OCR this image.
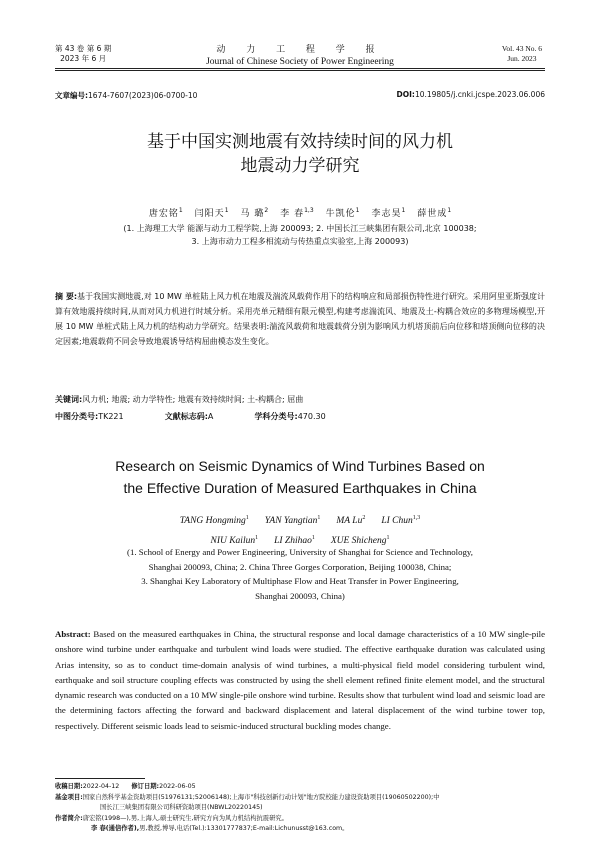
第 43 卷 第 6 期
2023 年 6 月
动 力 工 程 学 报
Journal of Chinese Society of Power Engineering
Vol. 43 No. 6
Jun. 2023
文章编号:1674-7607(2023)06-0700-10	DOI:10.19805/j.cnki.jcspe.2023.06.006
基于中国实测地震有效持续时间的风力机
地震动力学研究
唐宏铭$^1$ 闫阳天$^1$ 马 璐$^2$ 李 春$^{1,3}$ 牛凯伦$^1$ 李志昊$^1$ 薛世成$^1$
(1. 上海理工大学 能源与动力工程学院,上海 200093; 2. 中国长江三峡集团有限公司,北京 100038;
3. 上海市动力工程多相流动与传热重点实验室,上海 200093)
摘 要:基于我国实测地震,对 10 MW 单桩陆上风力机在地震及湍流风载荷作用下的结构响应和局部损伤特性进行研究。采用阿里亚斯强度计算有效地震持续时间,从而对风力机进行时域分析。采用壳单元精细有限元模型,构建考虑湍流风、地震及土-构耦合效应的多物理场模型,开展 10 MW 单桩式陆上风力机的结构动力学研究。结果表明:湍流风载荷和地震载荷分别为影响风力机塔顶前后向位移和塔顶侧向位移的决定因素;地震载荷不同会导致地震诱导结构屈曲模态发生变化。
关键词:风力机; 地震; 动力学特性; 地震有效持续时间; 土-构耦合; 屈曲
中图分类号:TK221	文献标志码:A	学科分类号:470.30
Research on Seismic Dynamics of Wind Turbines Based on
the Effective Duration of Measured Earthquakes in China
TANG Hongming$^1$ YAN Yangtian$^1$ MA Lu$^2$ LI Chun$^{1,3}$
NIU Kailun$^1$ LI Zhihao$^1$ XUE Shicheng$^1$
(1. School of Energy and Power Engineering, University of Shanghai for Science and Technology,
Shanghai 200093, China; 2. China Three Gorges Corporation, Beijing 100038, China;
3. Shanghai Key Laboratory of Multiphase Flow and Heat Transfer in Power Engineering,
Shanghai 200093, China)
Abstract: Based on the measured earthquakes in China, the structural response and local damage characteristics of a 10 MW single-pile onshore wind turbine under earthquake and turbulent wind loads were studied. The effective earthquake duration was calculated using Arias intensity, so as to conduct time-domain analysis of wind turbines, a multi-physical field model considering turbulent wind, earthquake and soil structure coupling effects was constructed by using the shell element refined finite element model, and the structural dynamic research was conducted on a 10 MW single-pile onshore wind turbine. Results show that turbulent wind load and seismic load are the determining factors affecting the forward and backward displacement and lateral displacement of the wind turbine tower top, respectively. Different seismic loads lead to seismic-induced structural buckling modes change.
收稿日期:2022-04-12 修订日期:2022-06-05
基金项目:国家自然科学基金资助项目(51976131;52006148);上海市"科技创新行动计划"地方院校能力建设资助项目(19060502200);中
国长江三峡集团有限公司科研资助项目(NBWL20220145)
作者简介:唐宏铭(1998—),男,上海人,硕士研究生,研究方向为风力机结构抗震研究。
李 春(通信作者),男,教授,博导,电话(Tel.):13301777837;E-mail:Lichunusst@163.com。
